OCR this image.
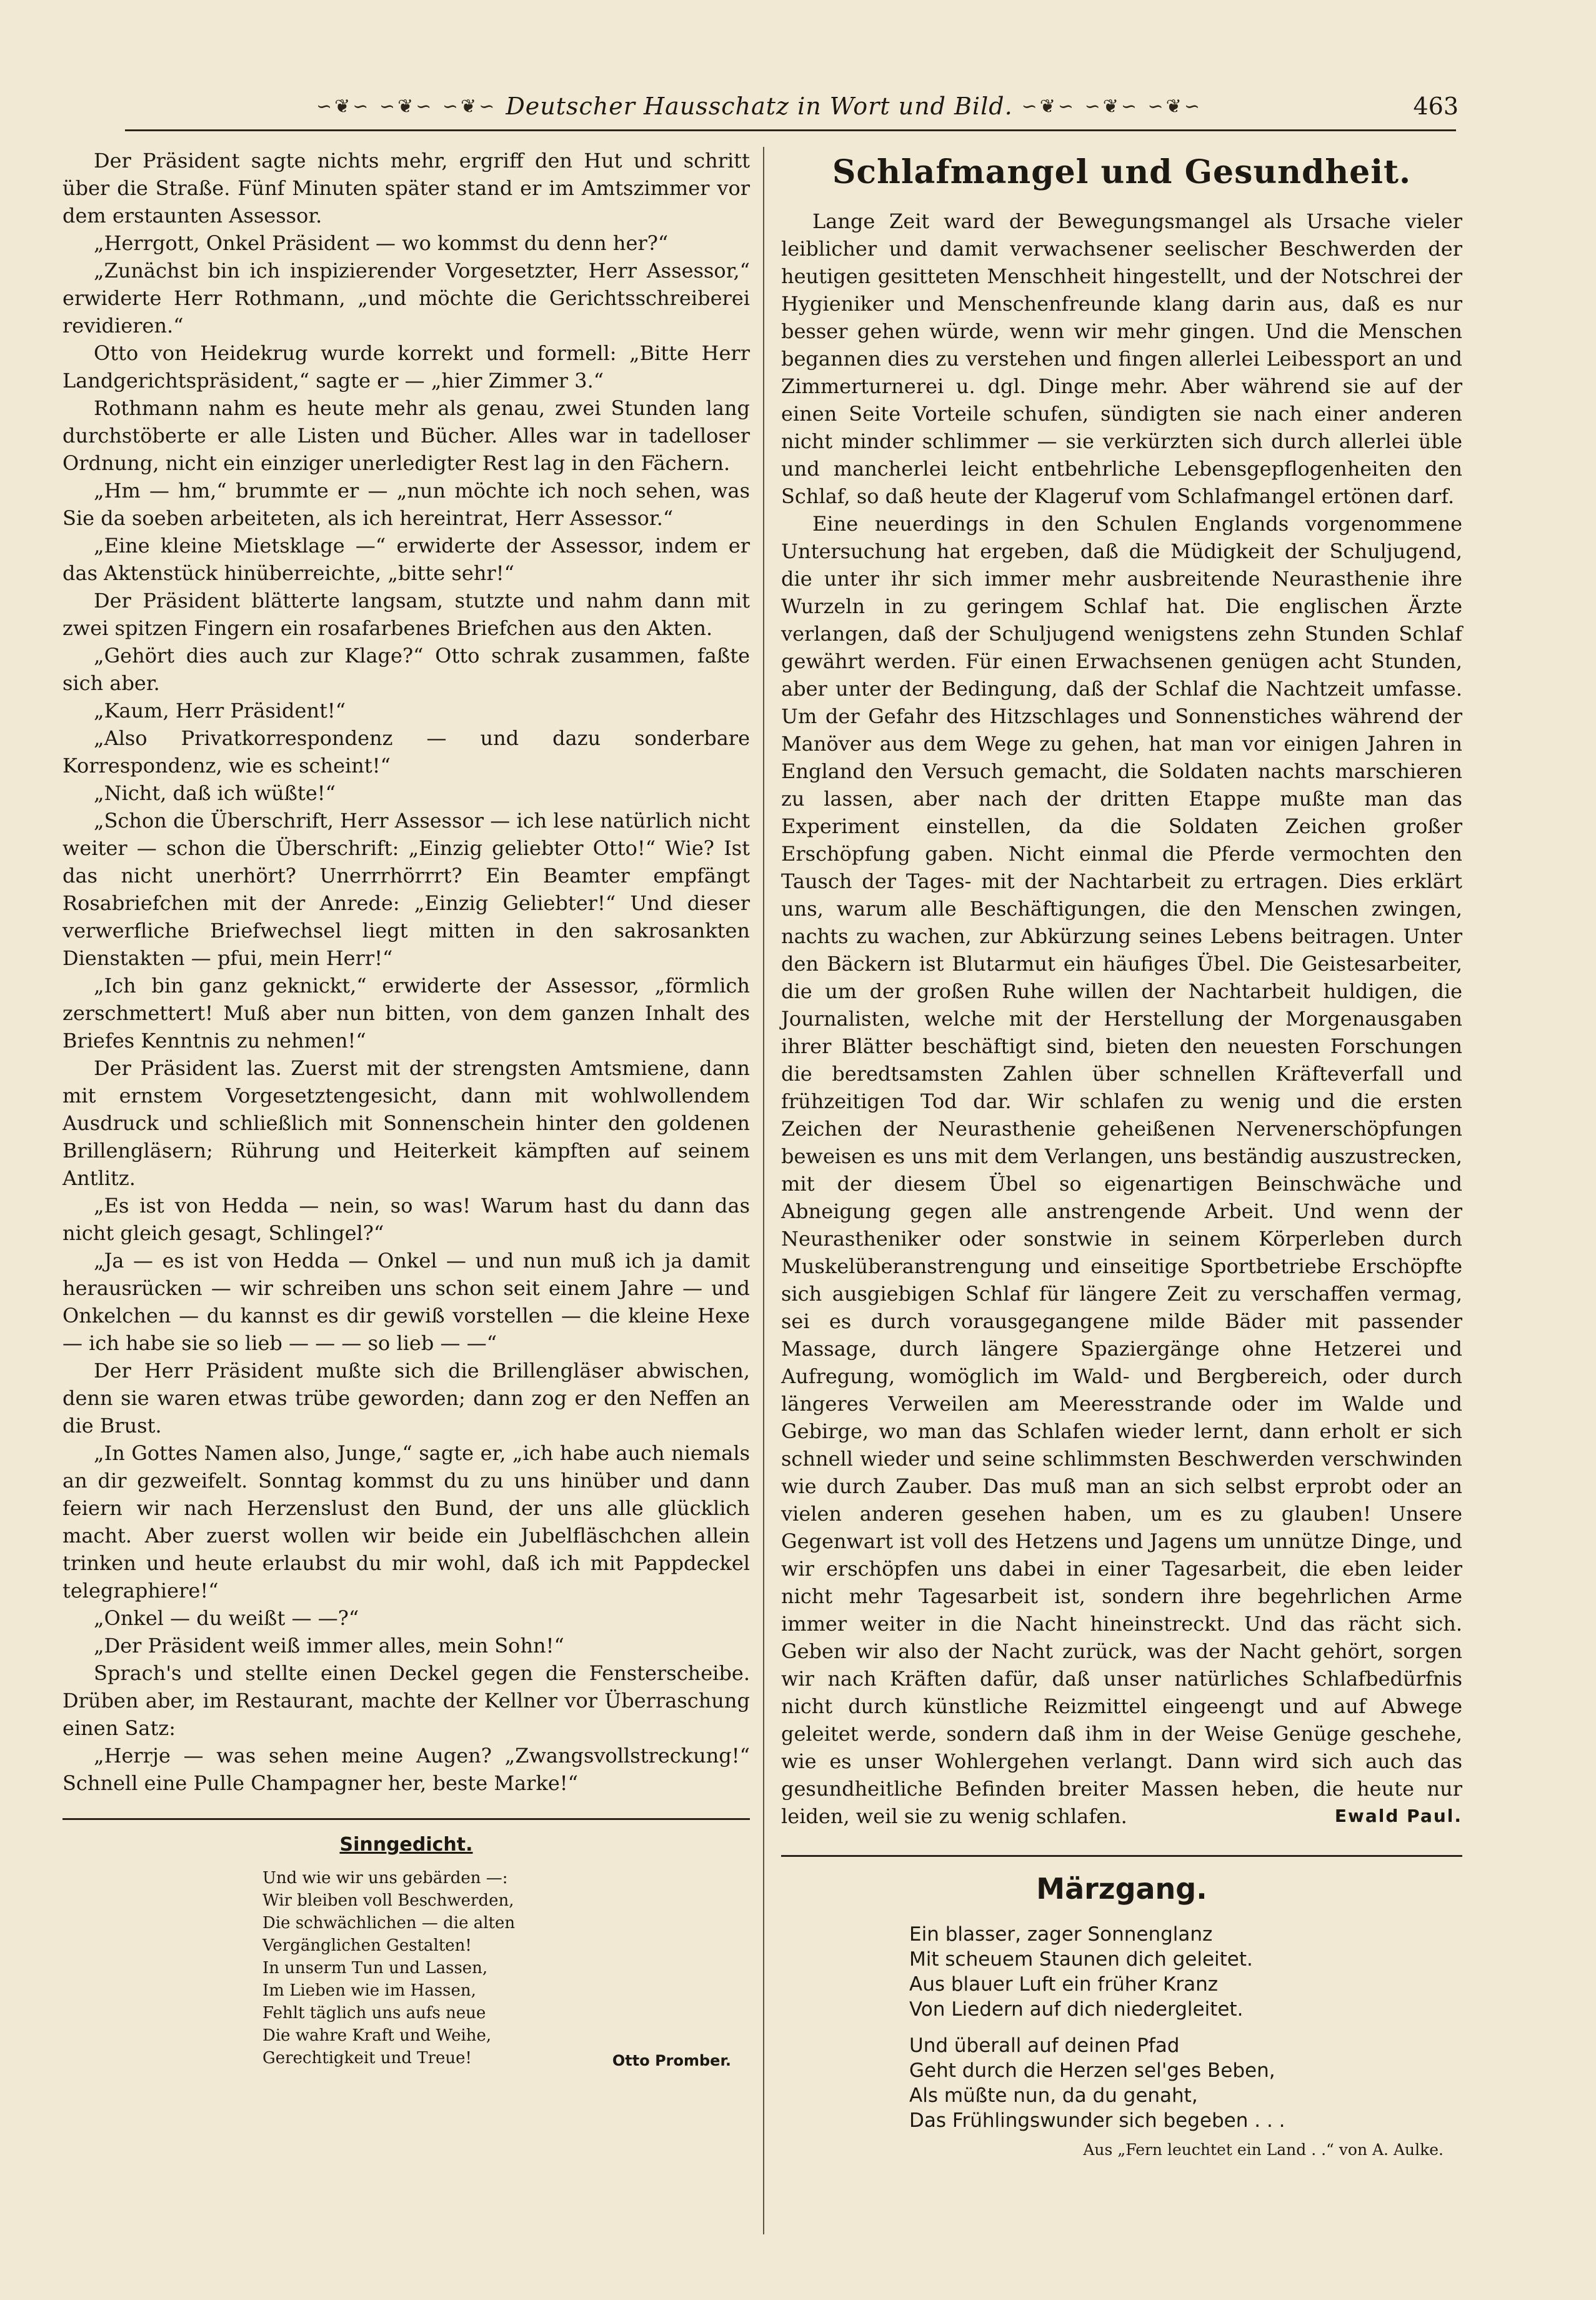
∽❦∽ ∽❦∽ ∽❦∽ Deutscher Hausschatz in Wort und Bild. ∽❦∽ ∽❦∽ ∽❦∽	463

Der Präsident sagte nichts mehr, ergriff den Hut und schritt über die Straße. Fünf Minuten später stand er im Amtszimmer vor dem erstaunten Assessor.

„Herrgott, Onkel Präsident — wo kommst du denn her?“

„Zunächst bin ich inspizierender Vorgesetzter, Herr Assessor,“ erwiderte Herr Rothmann, „und möchte die Gerichtsschreiberei revidieren.“

Otto von Heidekrug wurde korrekt und formell: „Bitte Herr Landgerichtspräsident,“ sagte er — „hier Zimmer 3.“

Rothmann nahm es heute mehr als genau, zwei Stunden lang durchstöberte er alle Listen und Bücher. Alles war in tadelloser Ordnung, nicht ein einziger unerledigter Rest lag in den Fächern.

„Hm — hm,“ brummte er — „nun möchte ich noch sehen, was Sie da soeben arbeiteten, als ich hereintrat, Herr Assessor.“

„Eine kleine Mietsklage —“ erwiderte der Assessor, indem er das Aktenstück hinüberreichte, „bitte sehr!“

Der Präsident blätterte langsam, stutzte und nahm dann mit zwei spitzen Fingern ein rosafarbenes Briefchen aus den Akten.

„Gehört dies auch zur Klage?“ Otto schrak zusammen, faßte sich aber.

„Kaum, Herr Präsident!“

„Also Privatkorrespondenz — und dazu sonderbare Korrespondenz, wie es scheint!“

„Nicht, daß ich wüßte!“

„Schon die Überschrift, Herr Assessor — ich lese natürlich nicht weiter — schon die Überschrift: „Einzig geliebter Otto!“ Wie? Ist das nicht unerhört? Unerrrhörrrt? Ein Beamter empfängt Rosabriefchen mit der Anrede: „Einzig Geliebter!“ Und dieser verwerfliche Briefwechsel liegt mitten in den sakrosankten Dienstakten — pfui, mein Herr!“

„Ich bin ganz geknickt,“ erwiderte der Assessor, „förmlich zerschmettert! Muß aber nun bitten, von dem ganzen Inhalt des Briefes Kenntnis zu nehmen!“

Der Präsident las. Zuerst mit der strengsten Amtsmiene, dann mit ernstem Vorgesetztengesicht, dann mit wohlwollendem Ausdruck und schließlich mit Sonnenschein hinter den goldenen Brillengläsern; Rührung und Heiterkeit kämpften auf seinem Antlitz.

„Es ist von Hedda — nein, so was! Warum hast du dann das nicht gleich gesagt, Schlingel?“

„Ja — es ist von Hedda — Onkel — und nun muß ich ja damit herausrücken — wir schreiben uns schon seit einem Jahre — und Onkelchen — du kannst es dir gewiß vorstellen — die kleine Hexe — ich habe sie so lieb — — — so lieb — —“

Der Herr Präsident mußte sich die Brillengläser abwischen, denn sie waren etwas trübe geworden; dann zog er den Neffen an die Brust.

„In Gottes Namen also, Junge,“ sagte er, „ich habe auch niemals an dir gezweifelt. Sonntag kommst du zu uns hinüber und dann feiern wir nach Herzenslust den Bund, der uns alle glücklich macht. Aber zuerst wollen wir beide ein Jubelfläschchen allein trinken und heute erlaubst du mir wohl, daß ich mit Pappdeckel telegraphiere!“

„Onkel — du weißt — —?“

„Der Präsident weiß immer alles, mein Sohn!“

Sprach's und stellte einen Deckel gegen die Fensterscheibe. Drüben aber, im Restaurant, machte der Kellner vor Überraschung einen Satz:

„Herrje — was sehen meine Augen? „Zwangsvollstreckung!“ Schnell eine Pulle Champagner her, beste Marke!“

Sinngedicht.

Und wie wir uns gebärden —:

Wir bleiben voll Beschwerden,

Die schwächlichen — die alten

Vergänglichen Gestalten!

In unserm Tun und Lassen,

Im Lieben wie im Hassen,

Fehlt täglich uns aufs neue

Die wahre Kraft und Weihe,

Gerechtigkeit und Treue!	Otto Promber.
Schlafmangel und Gesundheit.

Lange Zeit ward der Bewegungsmangel als Ursache vieler leiblicher und damit verwachsener seelischer Beschwerden der heutigen gesitteten Menschheit hingestellt, und der Notschrei der Hygieniker und Menschenfreunde klang darin aus, daß es nur besser gehen würde, wenn wir mehr gingen. Und die Menschen begannen dies zu verstehen und fingen allerlei Leibessport an und Zimmerturnerei u. dgl. Dinge mehr. Aber während sie auf der einen Seite Vorteile schufen, sündigten sie nach einer anderen nicht minder schlimmer — sie verkürzten sich durch allerlei üble und mancherlei leicht entbehrliche Lebensgepflogenheiten den Schlaf, so daß heute der Klageruf vom Schlafmangel ertönen darf.

Eine neuerdings in den Schulen Englands vorgenommene Untersuchung hat ergeben, daß die Müdigkeit der Schuljugend, die unter ihr sich immer mehr ausbreitende Neurasthenie ihre Wurzeln in zu geringem Schlaf hat. Die englischen Ärzte verlangen, daß der Schuljugend wenigstens zehn Stunden Schlaf gewährt werden. Für einen Erwachsenen genügen acht Stunden, aber unter der Bedingung, daß der Schlaf die Nachtzeit umfasse. Um der Gefahr des Hitzschlages und Sonnenstiches während der Manöver aus dem Wege zu gehen, hat man vor einigen Jahren in England den Versuch gemacht, die Soldaten nachts marschieren zu lassen, aber nach der dritten Etappe mußte man das Experiment einstellen, da die Soldaten Zeichen großer Erschöpfung gaben. Nicht einmal die Pferde vermochten den Tausch der Tages- mit der Nachtarbeit zu ertragen. Dies erklärt uns, warum alle Beschäftigungen, die den Menschen zwingen, nachts zu wachen, zur Abkürzung seines Lebens beitragen. Unter den Bäckern ist Blutarmut ein häufiges Übel. Die Geistesarbeiter, die um der großen Ruhe willen der Nachtarbeit huldigen, die Journalisten, welche mit der Herstellung der Morgenausgaben ihrer Blätter beschäftigt sind, bieten den neuesten Forschungen die beredtsamsten Zahlen über schnellen Kräfteverfall und frühzeitigen Tod dar. Wir schlafen zu wenig und die ersten Zeichen der Neurasthenie geheißenen Nervenerschöpfungen beweisen es uns mit dem Verlangen, uns beständig auszustrecken, mit der diesem Übel so eigenartigen Beinschwäche und Abneigung gegen alle anstrengende Arbeit. Und wenn der Neurastheniker oder sonstwie in seinem Körperleben durch Muskelüberanstrengung und einseitige Sportbetriebe Erschöpfte sich ausgiebigen Schlaf für längere Zeit zu verschaffen vermag, sei es durch vorausgegangene milde Bäder mit passender Massage, durch längere Spaziergänge ohne Hetzerei und Aufregung, womöglich im Wald- und Bergbereich, oder durch längeres Verweilen am Meeresstrande oder im Walde und Gebirge, wo man das Schlafen wieder lernt, dann erholt er sich schnell wieder und seine schlimmsten Beschwerden verschwinden wie durch Zauber. Das muß man an sich selbst erprobt oder an vielen anderen gesehen haben, um es zu glauben! Unsere Gegenwart ist voll des Hetzens und Jagens um unnütze Dinge, und wir erschöpfen uns dabei in einer Tagesarbeit, die eben leider nicht mehr Tagesarbeit ist, sondern ihre begehrlichen Arme immer weiter in die Nacht hineinstreckt. Und das rächt sich. Geben wir also der Nacht zurück, was der Nacht gehört, sorgen wir nach Kräften dafür, daß unser natürliches Schlafbedürfnis nicht durch künstliche Reizmittel eingeengt und auf Abwege geleitet werde, sondern daß ihm in der Weise Genüge geschehe, wie es unser Wohlergehen verlangt. Dann wird sich auch das gesundheitliche Befinden breiter Massen heben, die heute nur leiden, weil sie zu wenig schlafen.	Ewald Paul.

Märzgang.

Ein blasser, zager Sonnenglanz

Mit scheuem Staunen dich geleitet.

Aus blauer Luft ein früher Kranz

Von Liedern auf dich niedergleitet.

Und überall auf deinen Pfad

Geht durch die Herzen sel'ges Beben,

Als müßte nun, da du genaht,

Das Frühlingswunder sich begeben . . .

Aus „Fern leuchtet ein Land . .“ von A. Aulke.
